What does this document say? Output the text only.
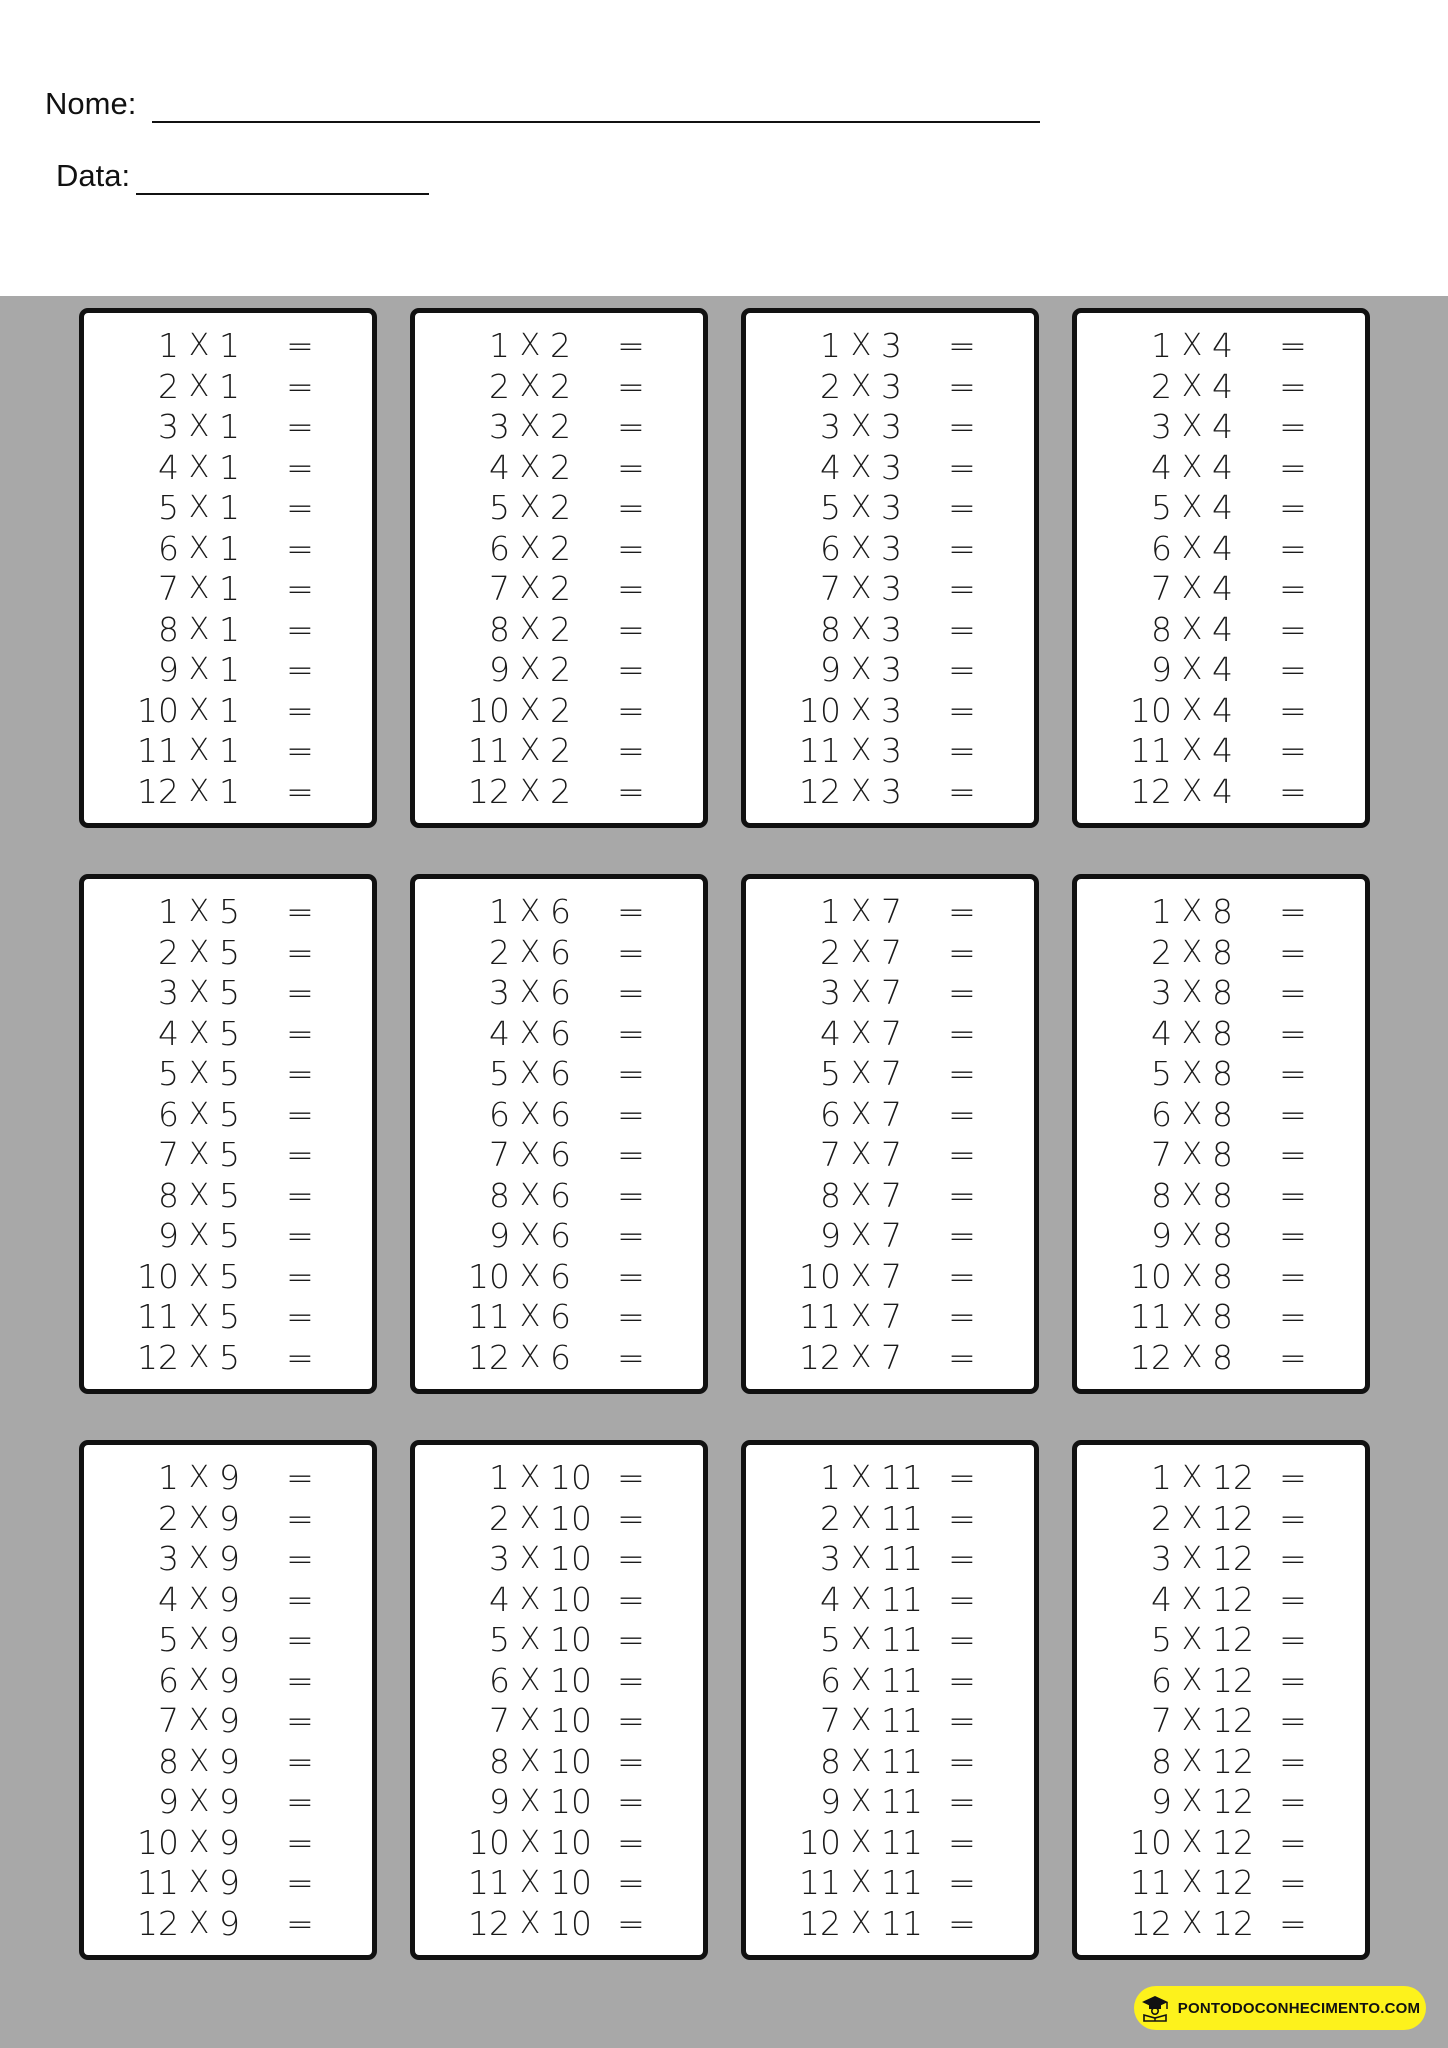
Nome:
Data:
1 X 1	=
2 X 1	=
3 X 1	=
4 X 1	=
5 X 1	=
6 X 1	=
7 X 1	=
8 X 1	=
9 X 1	=
10 X 1	=
11 X 1	=
12 X 1	=
1 X 2	=
2 X 2	=
3 X 2	=
4 X 2	=
5 X 2	=
6 X 2	=
7 X 2	=
8 X 2	=
9 X 2	=
10 X 2	=
11 X 2	=
12 X 2	=
1 X 3	=
2 X 3	=
3 X 3	=
4 X 3	=
5 X 3	=
6 X 3	=
7 X 3	=
8 X 3	=
9 X 3	=
10 X 3	=
11 X 3	=
12 X 3	=
1 X 4	=
2 X 4	=
3 X 4	=
4 X 4	=
5 X 4	=
6 X 4	=
7 X 4	=
8 X 4	=
9 X 4	=
10 X 4	=
11 X 4	=
12 X 4	=
1 X 5	=
2 X 5	=
3 X 5	=
4 X 5	=
5 X 5	=
6 X 5	=
7 X 5	=
8 X 5	=
9 X 5	=
10 X 5	=
11 X 5	=
12 X 5	=
1 X 6	=
2 X 6	=
3 X 6	=
4 X 6	=
5 X 6	=
6 X 6	=
7 X 6	=
8 X 6	=
9 X 6	=
10 X 6	=
11 X 6	=
12 X 6	=
1 X 7	=
2 X 7	=
3 X 7	=
4 X 7	=
5 X 7	=
6 X 7	=
7 X 7	=
8 X 7	=
9 X 7	=
10 X 7	=
11 X 7	=
12 X 7	=
1 X 8	=
2 X 8	=
3 X 8	=
4 X 8	=
5 X 8	=
6 X 8	=
7 X 8	=
8 X 8	=
9 X 8	=
10 X 8	=
11 X 8	=
12 X 8	=
1 X 9	=
2 X 9	=
3 X 9	=
4 X 9	=
5 X 9	=
6 X 9	=
7 X 9	=
8 X 9	=
9 X 9	=
10 X 9	=
11 X 9	=
12 X 9	=
1 X 10 =
2 X 10 =
3 X 10 =
4 X 10 =
5 X 10 =
6 X 10 =
7 X 10 =
8 X 10 =
9 X 10 =
10 X 10 =
11 X 10 =
12 X 10 =
1 X 11 =
2 X 11 =
3 X 11 =
4 X 11 =
5 X 11 =
6 X 11 =
7 X 11 =
8 X 11 =
9 X 11 =
10 X 11 =
11 X 11 =
12 X 11 =
1 X 12 =
2 X 12 =
3 X 12 =
4 X 12 =
5 X 12 =
6 X 12 =
7 X 12 =
8 X 12 =
9 X 12 =
10 X 12 =
11 X 12 =
12 X 12 =
PONTODOCONHECIMENTO.COM
